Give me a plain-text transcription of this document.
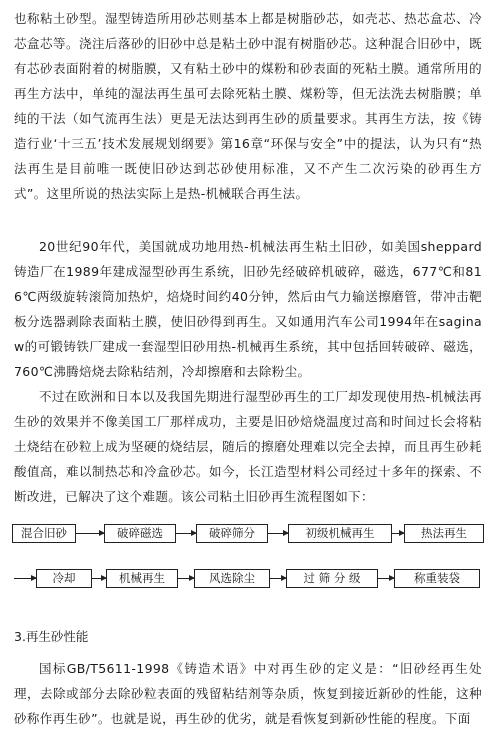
也称粘土砂型。湿型铸造所用砂芯则基本上都是树脂砂芯，如壳芯、热芯盒芯、冷芯盒芯等。浇注后落砂的旧砂中总是粘土砂中混有树脂砂芯。这种混合旧砂中，既有芯砂表面附着的树脂膜，又有粘土砂中的煤粉和砂表面的死粘土膜。通常所用的再生方法中，单纯的湿法再生虽可去除死粘土膜、煤粉等，但无法洗去树脂膜；单纯的干法（如气流再生法）更是无法达到再生砂的质量要求。其再生方法，按《铸造行业‘十三五’技术发展规划纲要》第16章“环保与安全”中的提法，认为只有“热法再生是目前唯一既使旧砂达到芯砂使用标准，又不产生二次污染的砂再生方式”。这里所说的热法实际上是热-机械联合再生法。

20世纪90年代，美国就成功地用热-机械法再生粘土旧砂，如美国sheppard铸造厂在1989年建成湿型砂再生系统，旧砂先经破碎机破碎，磁选，677℃和816℃两级旋转滚筒加热炉，焙烧时间约40分钟，然后由气力输送擦磨管，带冲击靶板分选器剥除表面粘土膜，使旧砂得到再生。又如通用汽车公司1994年在saginaw的可锻铸铁厂建成一套湿型旧砂用热-机械再生系统，其中包括回转破碎、磁选，760℃沸腾焙烧去除粘结剂，冷却擦磨和去除粉尘。

不过在欧洲和日本以及我国先期进行湿型砂再生的工厂却发现使用热-机械法再生砂的效果并不像美国工厂那样成功，主要是旧砂焙烧温度过高和时间过长会将粘土烧结在砂粒上成为坚硬的烧结层，随后的擦磨处理难以完全去掉，而且再生砂耗酸值高，难以制热芯和冷盒砂芯。如今，长江造型材料公司经过十多年的探索、不断改进，已解决了这个难题。该公司粘土旧砂再生流程图如下：

混合旧砂	破碎磁选	破碎筛分	初级机械再生	热法再生
冷却	机械再生	风选除尘	过 筛 分 级	称重装袋
3.再生砂性能

国标GB/T5611-1998《铸造术语》中对再生砂的定义是：“旧砂经再生处理，去除或部分去除砂粒表面的残留粘结剂等杂质，恢复到接近新砂的性能，这种砂称作再生砂”。也就是说，再生砂的优劣，就是看恢复到新砂性能的程度。下面
